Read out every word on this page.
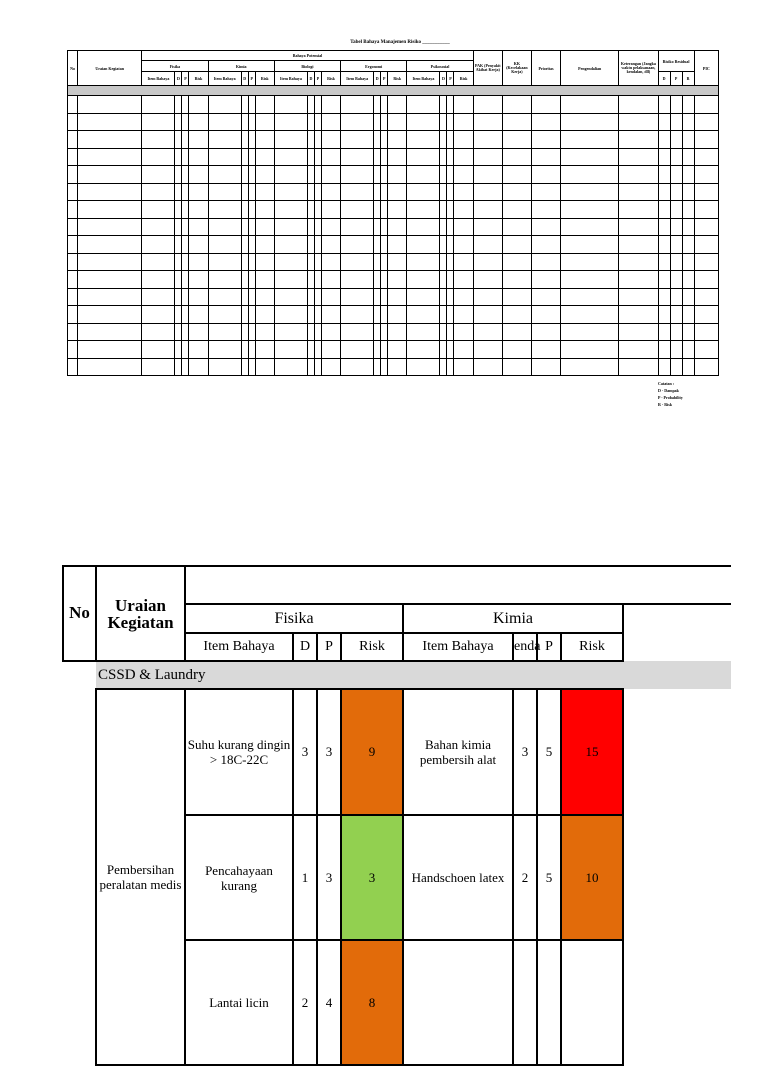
Tabel Bahaya Manajemen Risiko ___________
No	Uraian Kegiatan	Bahaya Potensial																				PAK (Penyakit Akibat Kerja)	KK (Kecelakaan Kerja)	Prioritas	Pengendalian	Keterangan (Jangka waktu pelaksanaan, kendalan, dll)	Risiko Residual			PIC
		Fisika				Kimia				Biologi				Ergonomi				Psikososial												
		Item Bahaya	D	P	Risk	Item Bahaya	D	P	Risk	Item Bahaya	D	P	Risk	Item Bahaya	D	P	Risk	Item Bahaya	D	P	Risk						D	P	R	

Catatan :
D - Dampak
P - Probability
R - Risk
No	Uraian Kegiatan									
		Fisika				Kimia				
		Item Bahaya	D	P	Risk	Item Bahaya	enda	P	Risk	
	CSSD & Laundry									
	Pembersihan peralatan medis	Suhu kurang dingin > 18C-22C	3	3	9	Bahan kimia pembersih alat	3	5	15	
		Pencahayaan kurang	1	3	3	Handschoen latex	2	5	10	
		Lantai licin	2	4	8					
